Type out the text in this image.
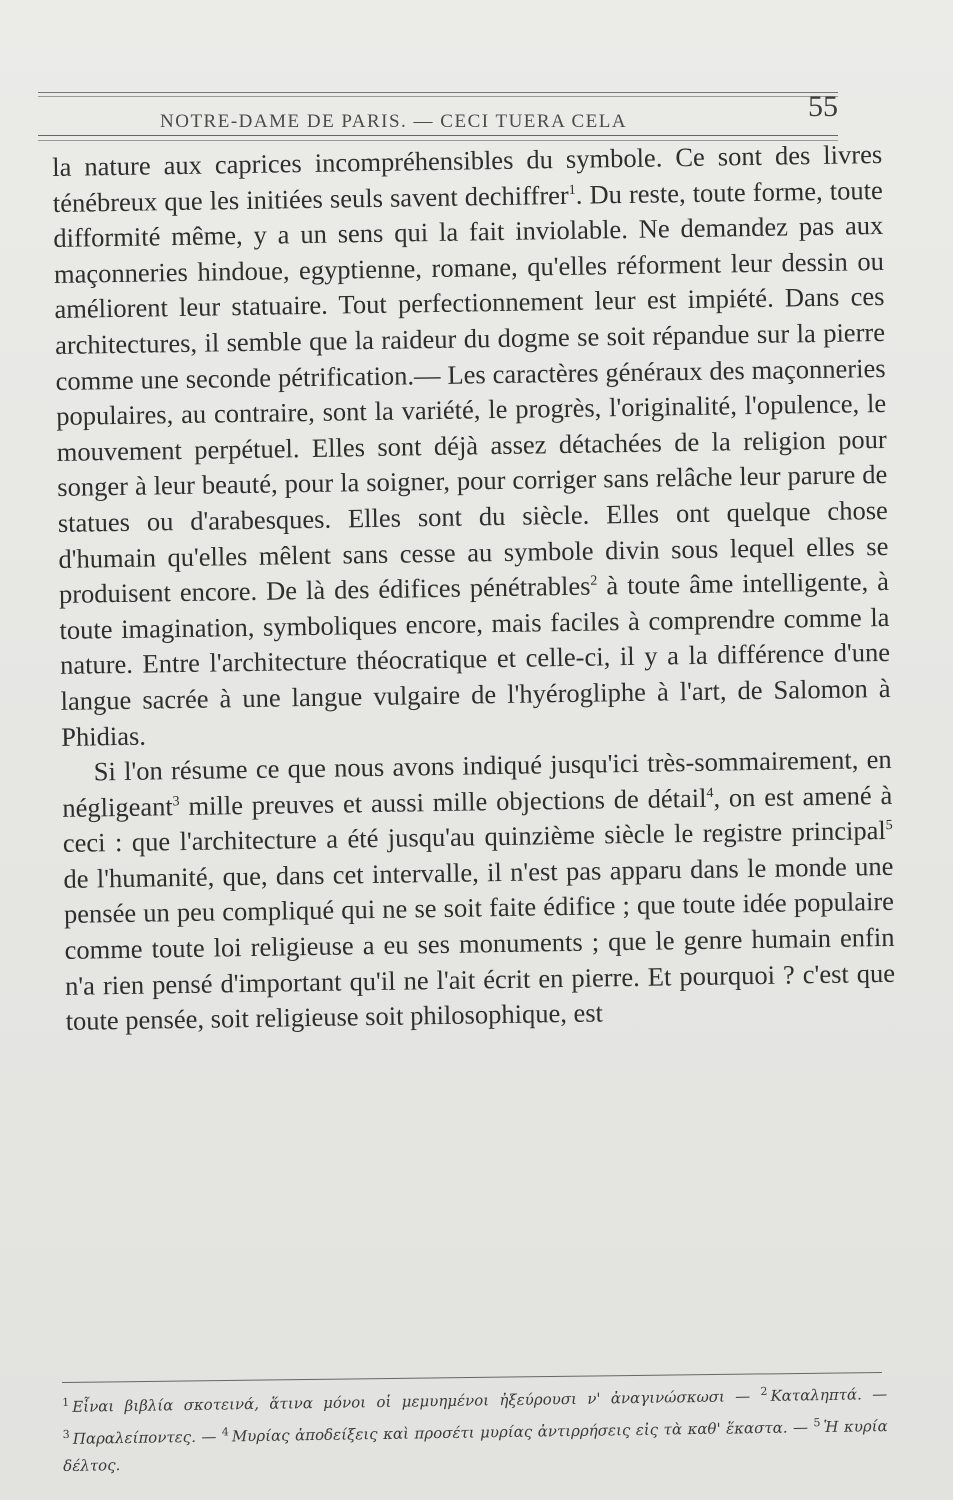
NOTRE-DAME DE PARIS. — CECI TUERA CELA	55

la nature aux caprices incompréhensibles du symbole. Ce sont des livres ténébreux que les initiées seuls savent dechiffrer$^1$. Du reste, toute forme, toute difformité même, y a un sens qui la fait inviolable. Ne demandez pas aux maçonneries hindoue, egyptienne, romane, qu'elles réforment leur dessin ou améliorent leur statuaire. Tout perfectionnement leur est impiété. Dans ces architectures, il semble que la raideur du dogme se soit répandue sur la pierre comme une seconde pétrification.— Les caractères généraux des maçonneries populaires, au contraire, sont la variété, le progrès, l'originalité, l'opulence, le mouvement perpétuel. Elles sont déjà assez détachées de la religion pour songer à leur beauté, pour la soigner, pour corriger sans relâche leur parure de statues ou d'arabesques. Elles sont du siècle. Elles ont quelque chose d'humain qu'elles mêlent sans cesse au symbole divin sous lequel elles se produisent encore. De là des édifices pénétrables$^2$ à toute âme intelligente, à toute imagination, symboliques encore, mais faciles à comprendre comme la nature. Entre l'architecture théocratique et celle-ci, il y a la différence d'une langue sacrée à une langue vulgaire de l'hyérogliphe à l'art, de Salomon à Phidias.

Si l'on résume ce que nous avons indiqué jusqu'ici très-sommairement, en négligeant$^3$ mille preuves et aussi mille objections de détail$^4$, on est amené à ceci : que l'architecture a été jusqu'au quinzième siècle le registre principal$^5$ de l'humanité, que, dans cet intervalle, il n'est pas apparu dans le monde une pensée un peu compliqué qui ne se soit faite édifice ; que toute idée populaire comme toute loi religieuse a eu ses monuments ; que le genre humain enfin n'a rien pensé d'important qu'il ne l'ait écrit en pierre. Et pourquoi ? c'est que toute pensée, soit religieuse soit philosophique, est

$^1$ Εἶναι βιβλία σκοτεινά, ἅτινα μόνοι οἱ μεμυημένοι ἠξεύρουσι ν' ἀναγινώσκωσι — $^2$ Καταληπτά. — $^3$ Παραλείποντες. — $^4$ Μυρίας ἀποδείξεις καὶ προσέτι μυρίας ἀντιρρήσεις εἰς τὰ καθ' ἕκαστα. — $^5$ Ἡ κυρία δέλτος.
